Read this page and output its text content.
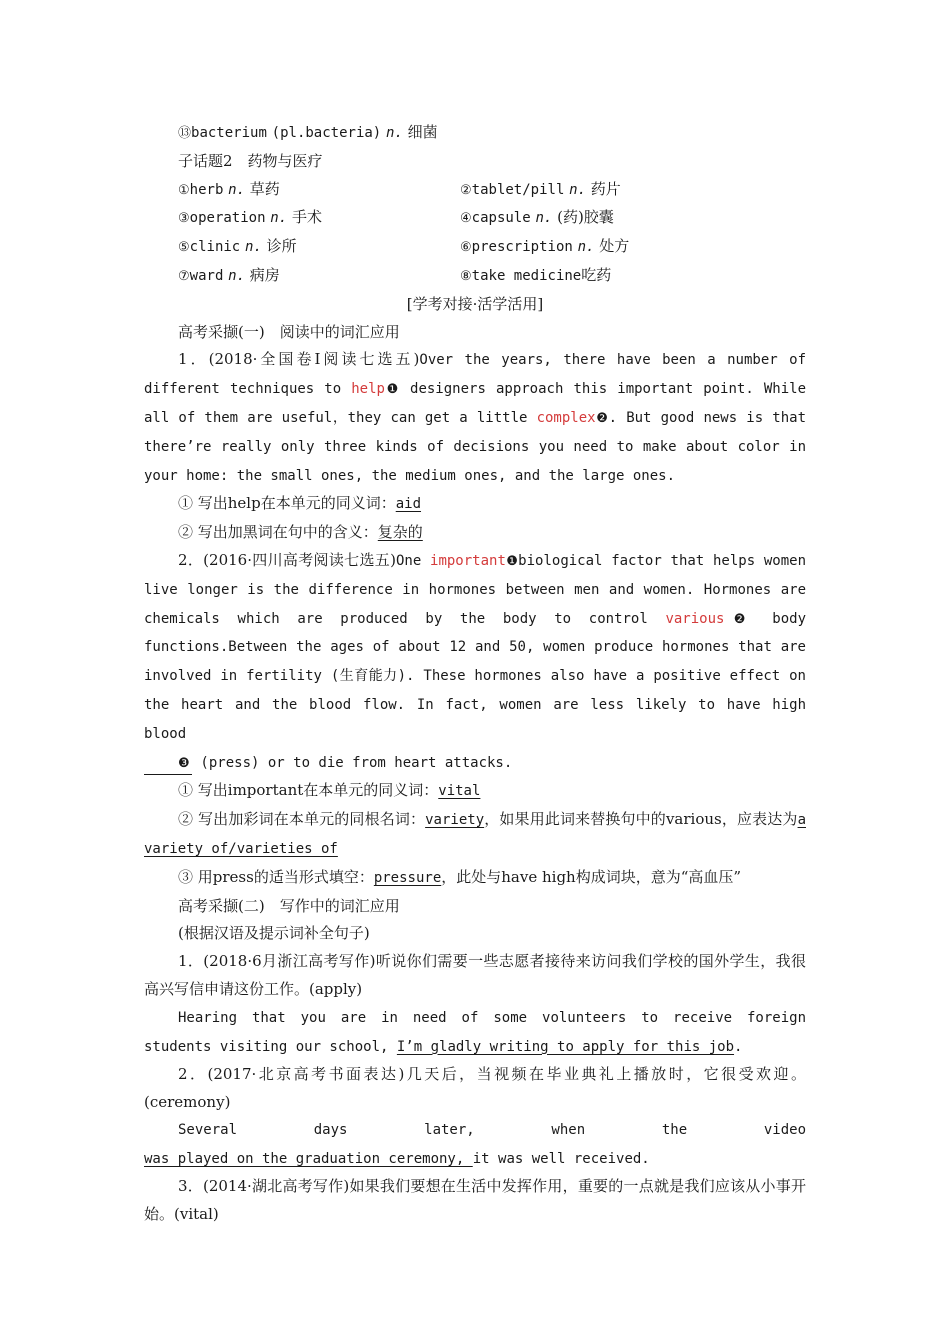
⑬bacterium (pl.bacteria) n. 细菌
子话题2　药物与医疗
①herb n. 草药	②tablet/pill n. 药片
③operation n. 手术	④capsule n. (药)胶囊
⑤clinic n. 诊所	⑥prescription n. 处方
⑦ward n. 病房	⑧take medicine吃药
[学考对接·活学活用]
高考采撷(一)　阅读中的词汇应用
1．(2018·全国卷Ⅰ阅读七选五)Over the years, there have been a number of different techniques to help❶ designers approach this important point. While all of them are useful，they can get a little complex❷. But good news is that there’re really only three kinds of decisions you need to make about color in your home: the small ones, the medium ones, and the large ones.
① 写出help在本单元的同义词：aid
② 写出加黑词在句中的含义：复杂的
2．(2016·四川高考阅读七选五)One important❶biological factor that helps women live longer is the difference in hormones between men and women. Hormones are chemicals which are produced by the body to control various❷ body functions.Between the ages of about 12 and 50, women produce hormones that are involved in fertility (生育能力). These hormones also have a positive effect on the heart and the blood flow. In fact, women are less likely to have high blood
❸ (press) or to die from heart attacks.
① 写出important在本单元的同义词：vital
② 写出加彩词在本单元的同根名词：variety，如果用此词来替换句中的various，应表达为a variety of/varieties of
③ 用press的适当形式填空：pressure，此处与have high构成词块，意为“高血压”
高考采撷(二)　写作中的词汇应用
(根据汉语及提示词补全句子)
1．(2018·6月浙江高考写作)听说你们需要一些志愿者接待来访问我们学校的国外学生，我很高兴写信申请这份工作。(apply)
Hearing that you are in need of some volunteers to receive foreign students visiting our school, I’m gladly writing to apply for this job.
2．(2017·北京高考书面表达)几天后，当视频在毕业典礼上播放时，它很受欢迎。(ceremony)
Several days later, when the video
was played on the graduation ceremony, it was well received.
3．(2014·湖北高考写作)如果我们要想在生活中发挥作用，重要的一点就是我们应该从小事开始。(vital)
